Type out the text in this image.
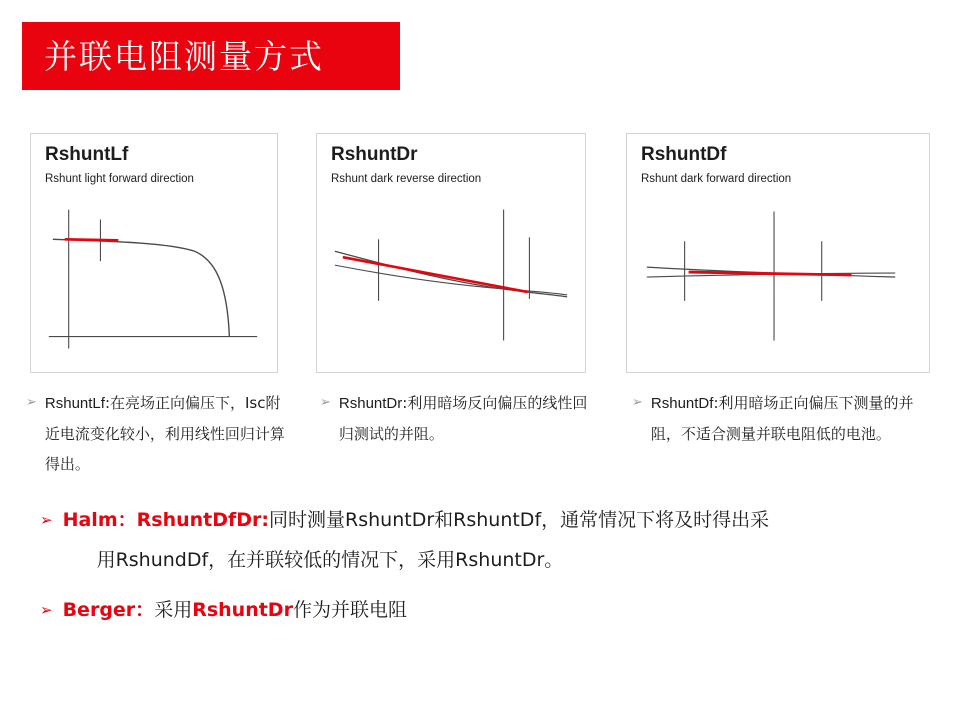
并联电阻测量方式
RshuntLf
Rshunt light forward direction
RshuntDr
Rshunt dark reverse direction
RshuntDf
Rshunt dark forward direction
➢ RshuntLf:在亮场正向偏压下，Isc附近电流变化较小，利用线性回归计算得出。
➢ RshuntDr:利用暗场反向偏压的线性回归测试的并阻。
➢ RshuntDf:利用暗场正向偏压下测量的并阻，不适合测量并联电阻低的电池。
➢ Halm：RshuntDfDr:同时测量RshuntDr和RshuntDf，通常情况下将及时得出采
用RshundDf，在并联较低的情况下，采用RshuntDr。
➢ Berger：采用RshuntDr作为并联电阻
